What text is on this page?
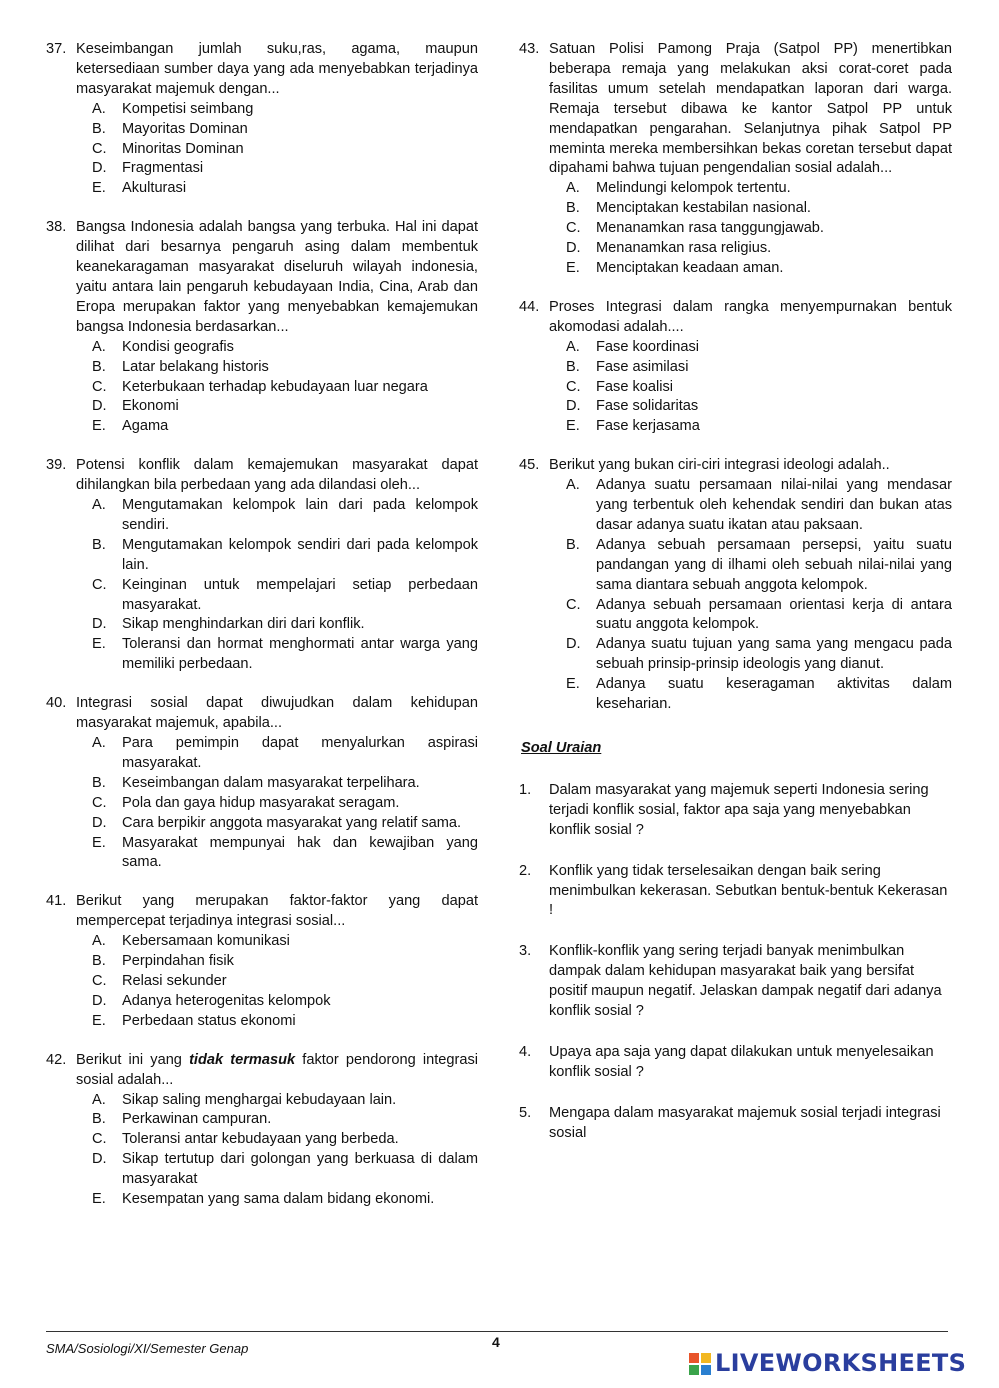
37. Keseimbangan jumlah suku,ras, agama, maupun ketersediaan sumber daya yang ada menyebabkan terjadinya masyarakat majemuk dengan...
A.	Kompetisi seimbang
B.	Mayoritas Dominan
C.	Minoritas Dominan
D.	Fragmentasi
E.	Akulturasi
38. Bangsa Indonesia adalah bangsa yang terbuka. Hal ini dapat dilihat dari besarnya pengaruh asing dalam membentuk keanekaragaman masyarakat diseluruh wilayah indonesia, yaitu antara lain pengaruh kebudayaan India, Cina, Arab dan Eropa merupakan faktor yang menyebabkan kemajemukan bangsa Indonesia berdasarkan...
A.	Kondisi geografis
B.	Latar belakang historis
C.	Keterbukaan terhadap kebudayaan luar negara
D.	Ekonomi
E.	Agama
39. Potensi konflik dalam kemajemukan masyarakat dapat dihilangkan bila perbedaan yang ada dilandasi oleh...
A.	Mengutamakan kelompok lain dari pada kelompok sendiri.
B.	Mengutamakan kelompok sendiri dari pada kelompok lain.
C.	Keinginan untuk mempelajari setiap perbedaan masyarakat.
D.	Sikap menghindarkan diri dari konflik.
E.	Toleransi dan hormat menghormati antar warga yang memiliki perbedaan.
40. Integrasi sosial dapat diwujudkan dalam kehidupan masyarakat majemuk, apabila...
A.	Para pemimpin dapat menyalurkan aspirasi masyarakat.
B.	Keseimbangan dalam masyarakat terpelihara.
C.	Pola dan gaya hidup masyarakat seragam.
D.	Cara berpikir anggota masyarakat yang relatif sama.
E.	Masyarakat mempunyai hak dan kewajiban yang sama.
41. Berikut yang merupakan faktor-faktor yang dapat mempercepat terjadinya integrasi sosial...
A.	Kebersamaan komunikasi
B.	Perpindahan fisik
C.	Relasi sekunder
D.	Adanya heterogenitas kelompok
E.	Perbedaan status ekonomi
42. Berikut ini yang tidak termasuk faktor pendorong integrasi sosial adalah...
A.	Sikap saling menghargai kebudayaan lain.
B.	Perkawinan campuran.
C.	Toleransi antar kebudayaan yang berbeda.
D.	Sikap tertutup dari golongan yang berkuasa di dalam masyarakat
E.	Kesempatan yang sama dalam bidang ekonomi.
43. Satuan Polisi Pamong Praja (Satpol PP) menertibkan beberapa remaja yang melakukan aksi corat-coret pada fasilitas umum setelah mendapatkan laporan dari warga. Remaja tersebut dibawa ke kantor Satpol PP untuk mendapatkan pengarahan. Selanjutnya pihak Satpol PP meminta mereka membersihkan bekas coretan tersebut dapat dipahami bahwa tujuan pengendalian sosial adalah...
A.	Melindungi kelompok tertentu.
B.	Menciptakan kestabilan nasional.
C.	Menanamkan rasa tanggungjawab.
D.	Menanamkan rasa religius.
E.	Menciptakan keadaan aman.
44. Proses Integrasi dalam rangka menyempurnakan bentuk akomodasi adalah....
A.	Fase koordinasi
B.	Fase asimilasi
C.	Fase koalisi
D.	Fase solidaritas
E.	Fase kerjasama
45. Berikut yang bukan ciri-ciri integrasi ideologi adalah..
A.	Adanya suatu persamaan nilai-nilai yang mendasar yang terbentuk oleh kehendak sendiri dan bukan atas dasar adanya suatu ikatan atau paksaan.
B.	Adanya sebuah persamaan persepsi, yaitu suatu pandangan yang di ilhami oleh sebuah nilai-nilai yang sama diantara sebuah anggota kelompok.
C.	Adanya sebuah persamaan orientasi kerja di antara suatu anggota kelompok.
D.	Adanya suatu tujuan yang sama yang mengacu pada sebuah prinsip-prinsip ideologis yang dianut.
E.	Adanya suatu keseragaman aktivitas dalam keseharian.
Soal Uraian
1.	Dalam masyarakat yang majemuk seperti Indonesia sering terjadi konflik sosial, faktor apa saja yang menyebabkan konflik sosial ?
2.	Konflik yang tidak terselesaikan dengan baik sering menimbulkan kekerasan. Sebutkan bentuk-bentuk Kekerasan !
3.	Konflik-konflik yang sering terjadi banyak menimbulkan dampak dalam kehidupan masyarakat baik yang bersifat positif maupun negatif. Jelaskan dampak negatif dari adanya konflik sosial ?
4.	Upaya apa saja yang dapat dilakukan untuk menyelesaikan konflik sosial ?
5.	Mengapa dalam masyarakat majemuk sosial terjadi integrasi sosial
SMA/Sosiologi/XI/Semester Genap	4
LIVEWORKSHEETS
